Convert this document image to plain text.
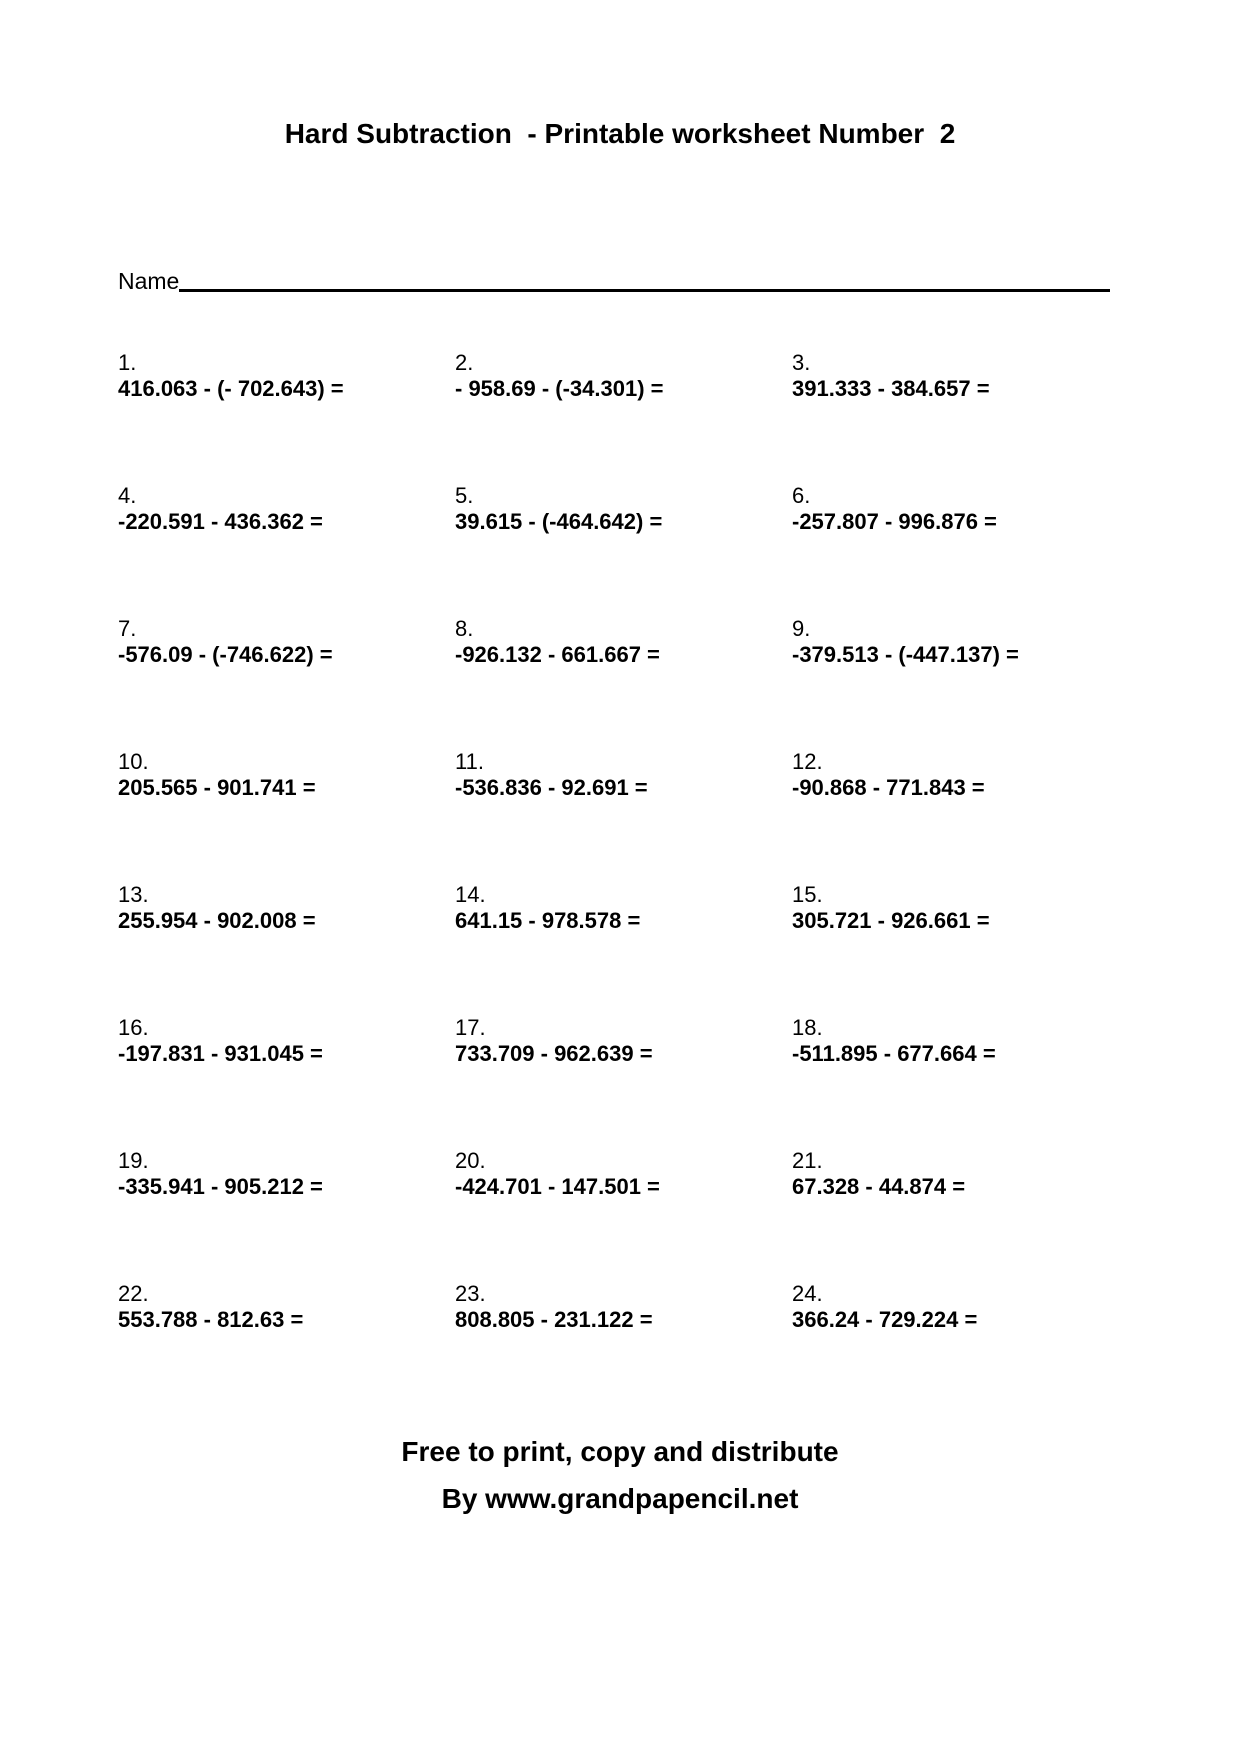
Hard Subtraction  - Printable worksheet Number  2
Name
1.
416.063 - (- 702.643) =
2.
- 958.69 - (-34.301) =
3.
391.333 - 384.657 =
4.
-220.591 - 436.362 =
5.
39.615 - (-464.642) =
6.
-257.807 - 996.876 =
7.
-576.09 - (-746.622) =
8.
-926.132 - 661.667 =
9.
-379.513 - (-447.137) =
10.
205.565 - 901.741 =
11.
-536.836 - 92.691 =
12.
-90.868 - 771.843 =
13.
255.954 - 902.008 =
14.
641.15 - 978.578 =
15.
305.721 - 926.661 =
16.
-197.831 - 931.045 =
17.
733.709 - 962.639 =
18.
-511.895 - 677.664 =
19.
-335.941 - 905.212 =
20.
-424.701 - 147.501 =
21.
67.328 - 44.874 =
22.
553.788 - 812.63 =
23.
808.805 - 231.122 =
24.
366.24 - 729.224 =
Free to print, copy and distribute
By www.grandpapencil.net
